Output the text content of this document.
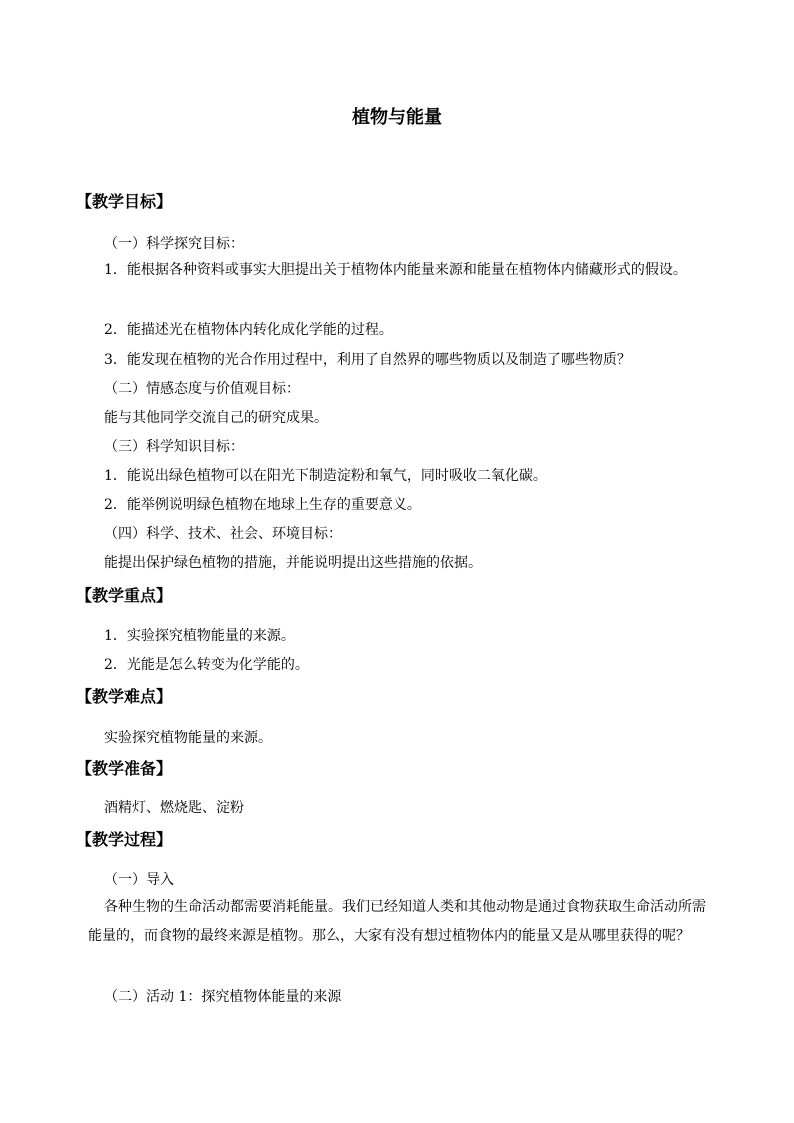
植物与能量
【教学目标】
（一）科学探究目标：
1．能根据各种资料或事实大胆提出关于植物体内能量来源和能量在植物体内储藏形式的假设。
2．能描述光在植物体内转化成化学能的过程。
3．能发现在植物的光合作用过程中，利用了自然界的哪些物质以及制造了哪些物质？
（二）情感态度与价值观目标：
能与其他同学交流自己的研究成果。
（三）科学知识目标：
1．能说出绿色植物可以在阳光下制造淀粉和氧气，同时吸收二氧化碳。
2．能举例说明绿色植物在地球上生存的重要意义。
（四）科学、技术、社会、环境目标：
能提出保护绿色植物的措施，并能说明提出这些措施的依据。
【教学重点】
1．实验探究植物能量的来源。
2．光能是怎么转变为化学能的。
【教学难点】
实验探究植物能量的来源。
【教学准备】
酒精灯、燃烧匙、淀粉
【教学过程】
（一）导入
各种生物的生命活动都需要消耗能量。我们已经知道人类和其他动物是通过食物获取生命活动所需能量的，而食物的最终来源是植物。那么，大家有没有想过植物体内的能量又是从哪里获得的呢？
（二）活动 1：探究植物体能量的来源
